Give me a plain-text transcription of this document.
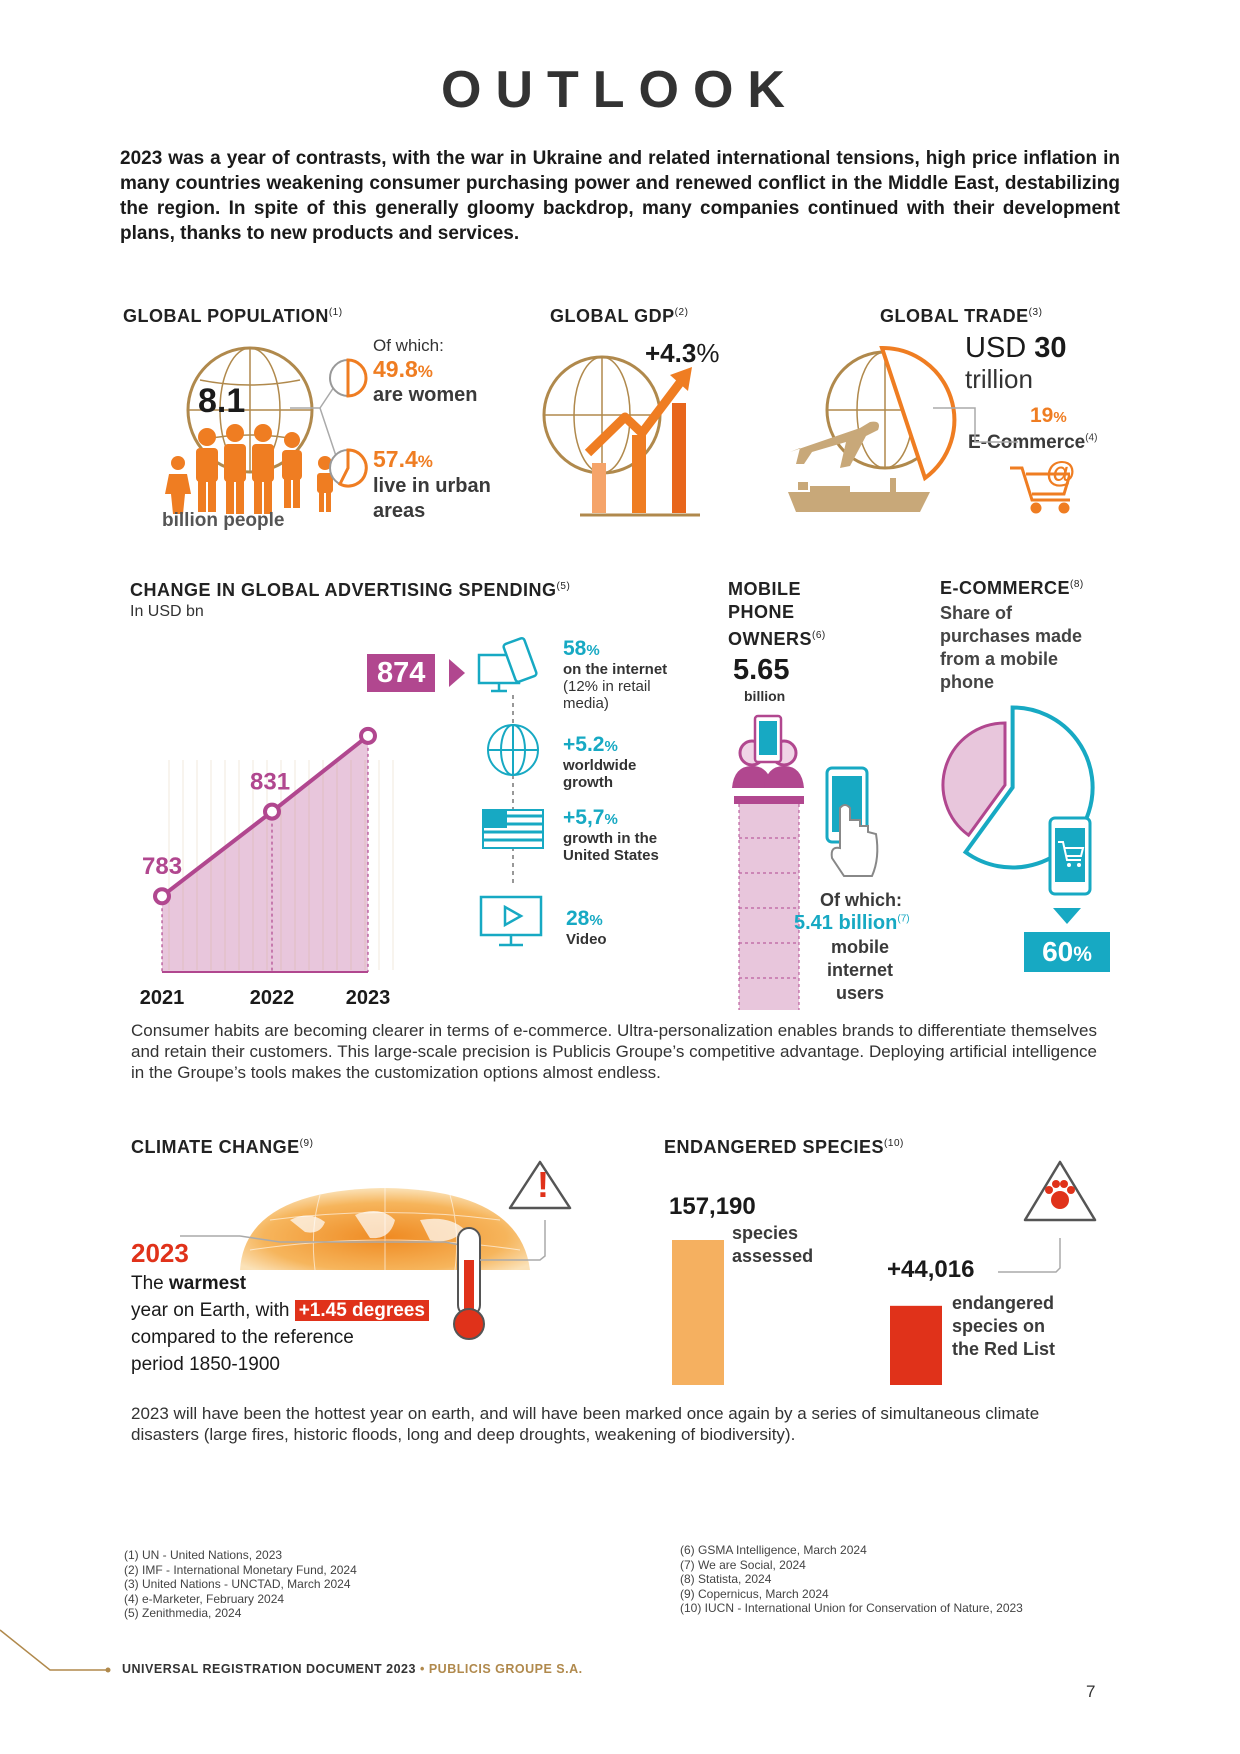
OUTLOOK
2023 was a year of contrasts, with the war in Ukraine and related international tensions, high price inflation in many countries weakening consumer purchasing power and renewed conflict in the Middle East, destabilizing the region. In spite of this generally gloomy backdrop, many companies continued with their development plans, thanks to new products and services.
GLOBAL POPULATION$^{(1)}$
8.1
billion people
Of which:
49.8%
are women
57.4%
live in urban
areas
GLOBAL $GDP^{(2)}$
+4.3%
GLOBAL TRADE$^{(3)}$
USD 30
trillion
19%
E-Commerce$^{(4)}$
@
CHANGE IN GLOBAL ADVERTISING SPENDING$^{(5)}$
In USD bn
783
831
2021	2022	2023
874
58%
on the internet
(12% in retail
media)
+5.2%
worldwide
growth
+5,7%
growth in the
United States
28%
Video
MOBILE
PHONE
OWNERS$^{(6)}$
5.65
billion
Of which:
5.41 billion$^{(7)}$
mobile
internet
users
E-COMMERCE$^{(8)}$
Share of
purchases made
from a mobile
phone
60%
Consumer habits are becoming clearer in terms of e-commerce. Ultra-personalization enables brands to differentiate themselves and retain their customers. This large-scale precision is Publicis Groupe’s competitive advantage. Deploying artificial intelligence in the Groupe’s tools makes the customization options almost endless.
CLIMATE CHANGE$^{(9)}$
!
2023
The warmest
year on Earth, with +1.45 degrees
compared to the reference
period 1850-1900
ENDANGERED SPECIES$^{(10)}$
157,190
species
assessed	+44,016
endangered
species on
the Red List
2023 will have been the hottest year on earth, and will have been marked once again by a series of simultaneous climate disasters (large fires, historic floods, long and deep droughts, weakening of biodiversity).
(1) UN - United Nations, 2023
(2) IMF - International Monetary Fund, 2024
(3) United Nations - UNCTAD, March 2024
(4) e-Marketer, February 2024
(5) Zenithmedia, 2024
(6) GSMA Intelligence, March 2024
(7) We are Social, 2024
(8) Statista, 2024
(9) Copernicus, March 2024
(10) IUCN - International Union for Conservation of Nature, 2023
UNIVERSAL REGISTRATION DOCUMENT 2023 • PUBLICIS GROUPE S.A.
7
